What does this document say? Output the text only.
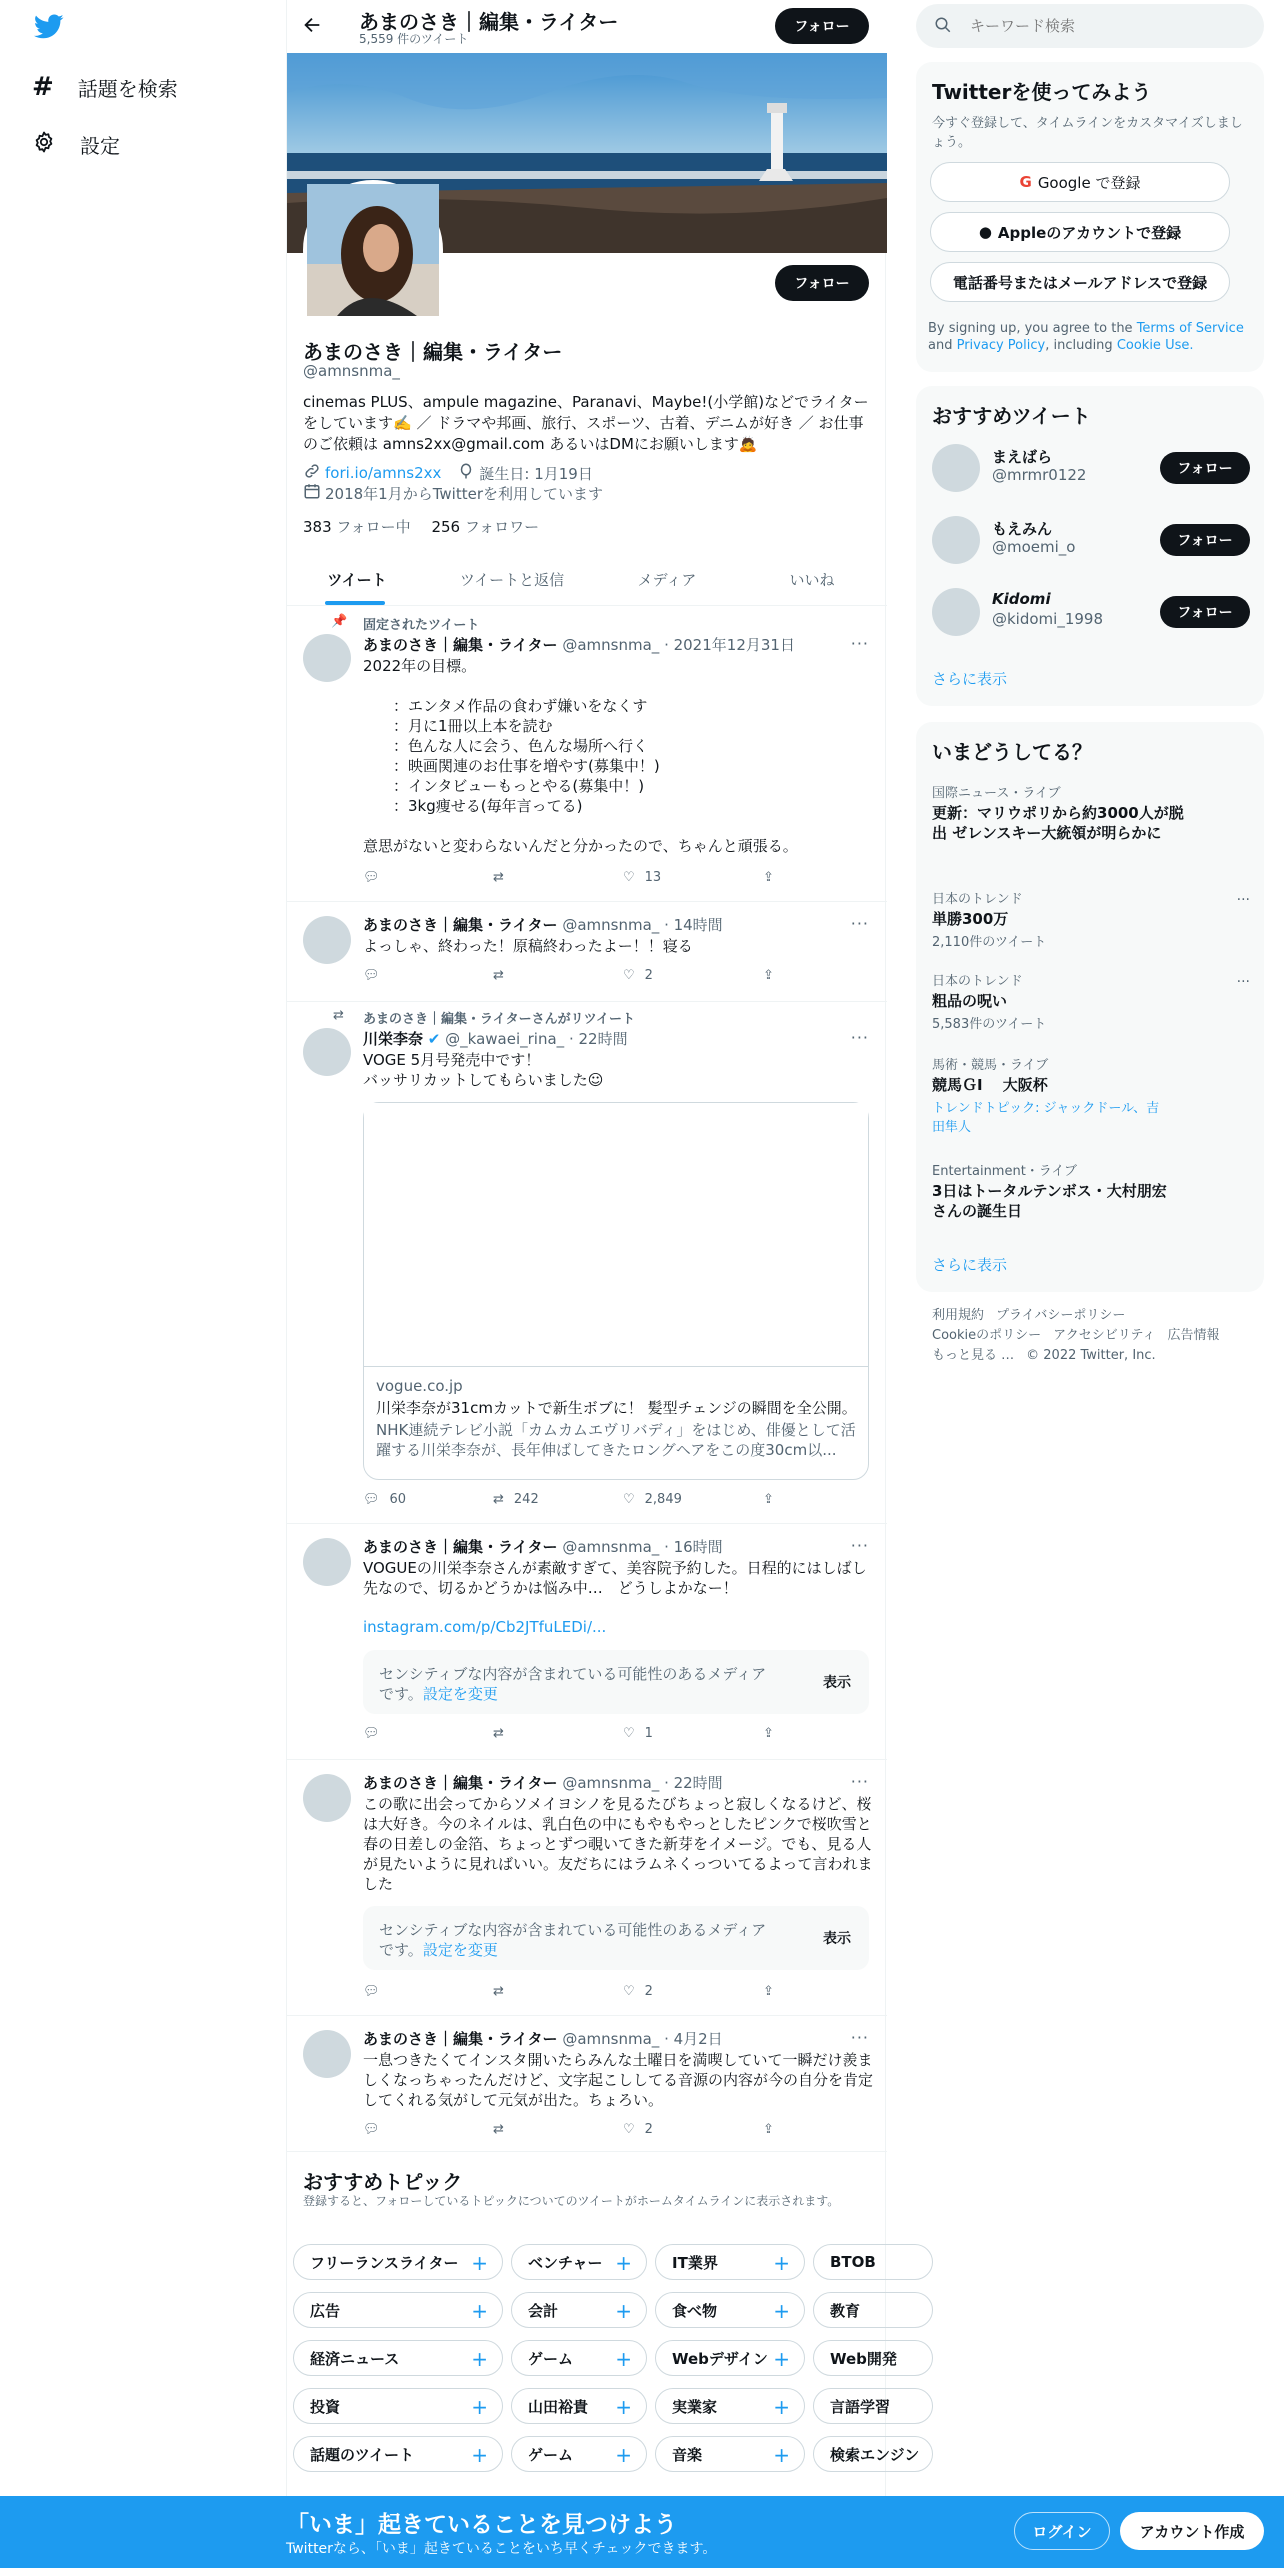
# 話題を検索
設定
あまのさき｜編集・ライター
5,559 件のツイート
フォロー
フォロー
あまのさき｜編集・ライター
@amnsnma_
cinemas PLUS、ampule magazine、Paranavi、Maybe!(小学館)などでライターをしています✍️ ／ ドラマや邦画、旅行、スポーツ、古着、デニムが好き ／ お仕事のご依頼は amns2xx@gmail.com あるいはDMにお願いします🙇
fori.io/amns2xx	誕生日: 1月19日
2018年1月からTwitterを利用しています
383 フォロー中 256 フォロワー
ツイート	ツイートと返信	メディア	いいね
📌 固定されたツイート
あまのさき｜編集・ライター @amnsnma_ · 2021年12月31日	···
2022年の目標。

　　：エンタメ作品の食わず嫌いをなくす
　　：月に1冊以上本を読む
　　：色んな人に会う、色んな場所へ行く
　　：映画関連のお仕事を増やす(募集中！)
　　：インタビューもっとやる(募集中！)
　　：3kg痩せる(毎年言ってる)

意思がないと変わらないんだと分かったので、ちゃんと頑張る。
💬︎	⇄	♡ 13	⇪
あまのさき｜編集・ライター @amnsnma_ · 14時間	···
よっしゃ、終わった！原稿終わったよー！！寝る
💬︎	⇄	♡ 2	⇪
⇄ あまのさき｜編集・ライターさんがリツイート
川栄李奈 ✔ @_kawaei_rina_ · 22時間	···
VOGE 5月号発売中です！
バッサリカットしてもらいました☺︎
vogue.co.jp
川栄李奈が31cmカットで新生ボブに！ 髪型チェンジの瞬間を全公開。
NHK連続テレビ小説「カムカムエヴリバディ」をはじめ、俳優として活躍する川栄李奈が、長年伸ばしてきたロングヘアをこの度30cm以...
💬︎ 60	⇄ 242	♡ 2,849	⇪
あまのさき｜編集・ライター @amnsnma_ · 16時間	···
VOGUEの川栄李奈さんが素敵すぎて、美容院予約した。日程的にはしばし先なので、切るかどうかは悩み中…　どうしよかなー！
instagram.com/p/Cb2JTfuLEDi/...
センシティブな内容が含まれている可能性のあるメディアです。設定を変更
表示
💬︎	⇄	♡ 1	⇪
あまのさき｜編集・ライター @amnsnma_ · 22時間	···
この歌に出会ってからソメイヨシノを見るたびちょっと寂しくなるけど、桜は大好き。今のネイルは、乳白色の中にもやもやっとしたピンクで桜吹雪と春の日差しの金箔、ちょっとずつ覗いてきた新芽をイメージ。でも、見る人が見たいように見ればいい。友だちにはラムネくっついてるよって言われました
センシティブな内容が含まれている可能性のあるメディアです。設定を変更
表示
💬︎	⇄	♡ 2	⇪
あまのさき｜編集・ライター @amnsnma_ · 4月2日	···
一息つきたくてインスタ開いたらみんな土曜日を満喫していて一瞬だけ羨ましくなっちゃったんだけど、文字起こししてる音源の内容が今の自分を肯定してくれる気がして元気が出た。ちょろい。
💬︎	⇄	♡ 2	⇪
おすすめトピック
登録すると、フォローしているトピックについてのツイートがホームタイムラインに表示されます。
フリーランスライター +	ベンチャー +	IT業界	+	BTOB
広告	+	会計	+	食べ物	+	教育
経済ニュース	+	ゲーム +	Webデザイン +	Web開発
投資	+	山田裕貴 +	実業家	+	言語学習
話題のツイート	+	ゲーム +	音楽	+	検索エンジン
キーワード検索
Twitterを使ってみよう
今すぐ登録して、タイムラインをカスタマイズしましょう。
G Google で登録
● Appleのアカウントで登録
電話番号またはメールアドレスで登録
By signing up, you agree to the Terms of Service and Privacy Policy, including Cookie Use.
おすすめツイート
まえばら
@mrmr0122	フォロー
もえみん
@moemi_o	フォロー
Kidomi
@kidomi_1998	フォロー
さらに表示
いまどうしてる？
国際ニュース・ライブ
更新：マリウポリから約3000人が脱出 ゼレンスキー大統領が明らかに
日本のトレンド
単勝300万
2,110件のツイート
···
日本のトレンド
粗品の呪い
5,583件のツイート
···
馬術・競馬・ライブ
競馬ＧⅠ　 大阪杯
トレンドトピック: ジャックドール、吉田隼人
Entertainment・ライブ
3日はトータルテンボス・大村朋宏さんの誕生日
さらに表示
利用規約 プライバシーポリシー
Cookieのポリシー アクセシビリティ 広告情報
もっと見る … © 2022 Twitter, Inc.
「いま」起きていることを見つけよう
Twitterなら、「いま」起きていることをいち早くチェックできます。
ログイン	アカウント作成
